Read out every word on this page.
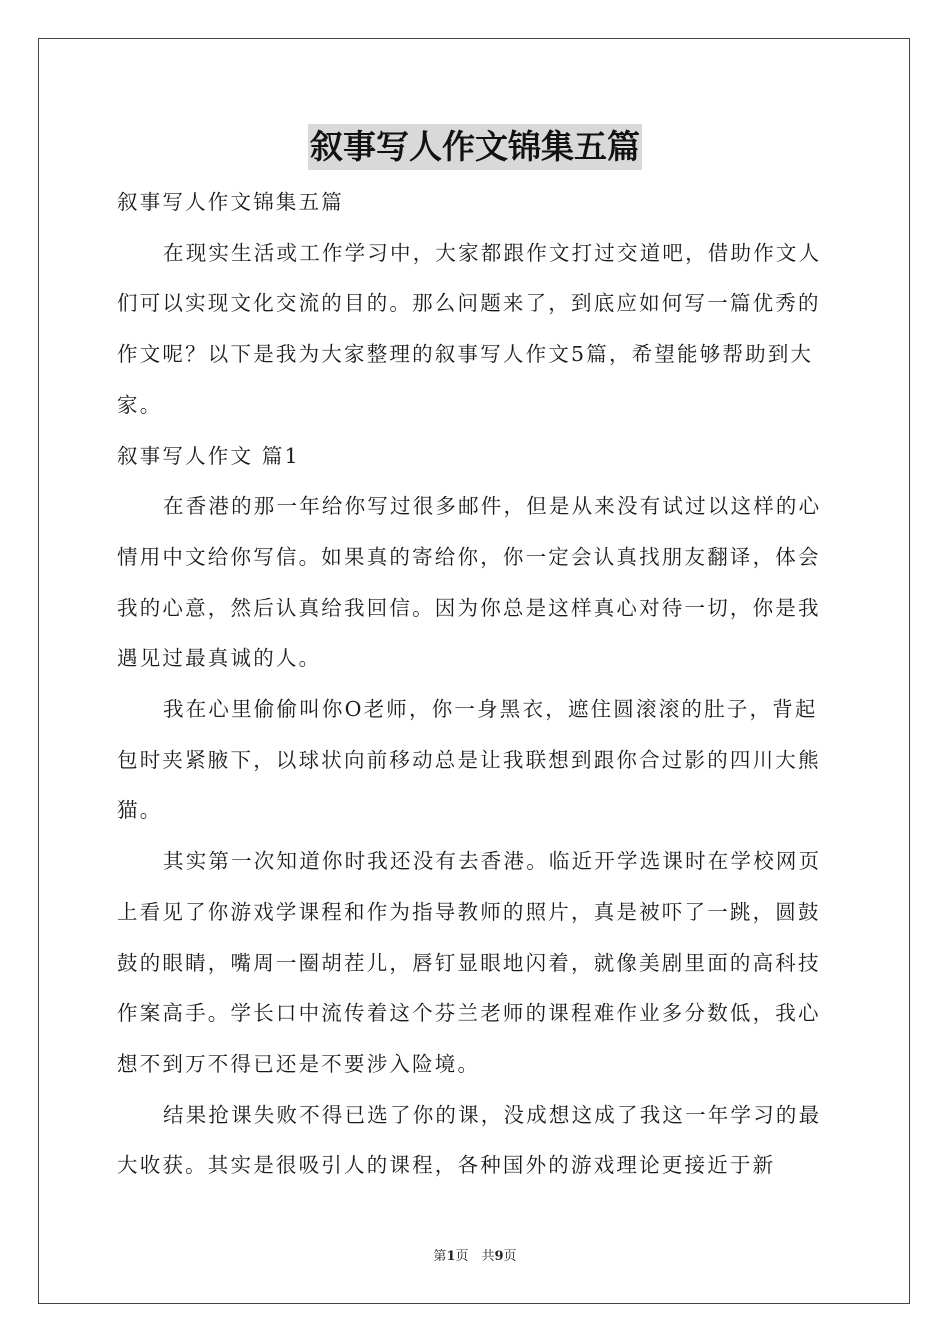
叙事写人作文锦集五篇

叙事写人作文锦集五篇

在现实生活或工作学习中，大家都跟作文打过交道吧，借助作文人们可以实现文化交流的目的。那么问题来了，到底应如何写一篇优秀的作文呢？以下是我为大家整理的叙事写人作文5篇，希望能够帮助到大家。

叙事写人作文 篇1

在香港的那一年给你写过很多邮件，但是从来没有试过以这样的心情用中文给你写信。如果真的寄给你，你一定会认真找朋友翻译，体会我的心意，然后认真给我回信。因为你总是这样真心对待一切，你是我遇见过最真诚的人。

我在心里偷偷叫你O老师，你一身黑衣，遮住圆滚滚的肚子，背起包时夹紧腋下，以球状向前移动总是让我联想到跟你合过影的四川大熊猫。

其实第一次知道你时我还没有去香港。临近开学选课时在学校网页上看见了你游戏学课程和作为指导教师的照片，真是被吓了一跳，圆鼓鼓的眼睛，嘴周一圈胡茬儿，唇钉显眼地闪着，就像美剧里面的高科技作案高手。学长口中流传着这个芬兰老师的课程难作业多分数低，我心想不到万不得已还是不要涉入险境。

结果抢课失败不得已选了你的课，没成想这成了我这一年学习的最大收获。其实是很吸引人的课程，各种国外的游戏理论更接近于新

第1页　共9页
